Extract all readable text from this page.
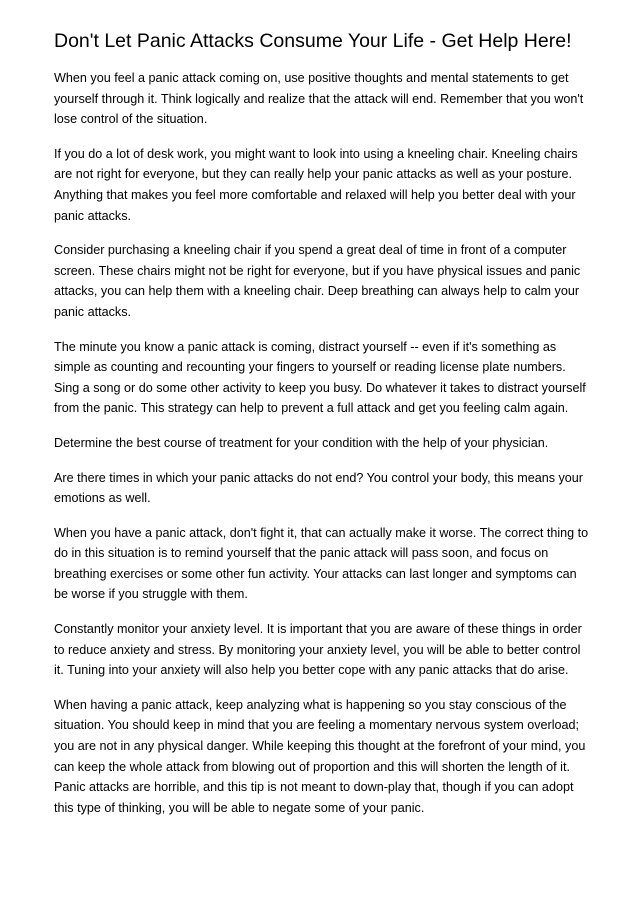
Don't Let Panic Attacks Consume Your Life - Get Help Here!

When you feel a panic attack coming on, use positive thoughts and mental statements to get yourself through it. Think logically and realize that the attack will end. Remember that you won't lose control of the situation.

If you do a lot of desk work, you might want to look into using a kneeling chair. Kneeling chairs are not right for everyone, but they can really help your panic attacks as well as your posture. Anything that makes you feel more comfortable and relaxed will help you better deal with your panic attacks.

Consider purchasing a kneeling chair if you spend a great deal of time in front of a computer screen. These chairs might not be right for everyone, but if you have physical issues and panic attacks, you can help them with a kneeling chair. Deep breathing can always help to calm your panic attacks.

The minute you know a panic attack is coming, distract yourself -- even if it's something as simple as counting and recounting your fingers to yourself or reading license plate numbers. Sing a song or do some other activity to keep you busy. Do whatever it takes to distract yourself from the panic. This strategy can help to prevent a full attack and get you feeling calm again.

Determine the best course of treatment for your condition with the help of your physician.

Are there times in which your panic attacks do not end? You control your body, this means your emotions as well.

When you have a panic attack, don't fight it, that can actually make it worse. The correct thing to do in this situation is to remind yourself that the panic attack will pass soon, and focus on breathing exercises or some other fun activity. Your attacks can last longer and symptoms can be worse if you struggle with them.

Constantly monitor your anxiety level. It is important that you are aware of these things in order to reduce anxiety and stress. By monitoring your anxiety level, you will be able to better control it. Tuning into your anxiety will also help you better cope with any panic attacks that do arise.

When having a panic attack, keep analyzing what is happening so you stay conscious of the situation. You should keep in mind that you are feeling a momentary nervous system overload; you are not in any physical danger. While keeping this thought at the forefront of your mind, you can keep the whole attack from blowing out of proportion and this will shorten the length of it. Panic attacks are horrible, and this tip is not meant to down-play that, though if you can adopt this type of thinking, you will be able to negate some of your panic.
